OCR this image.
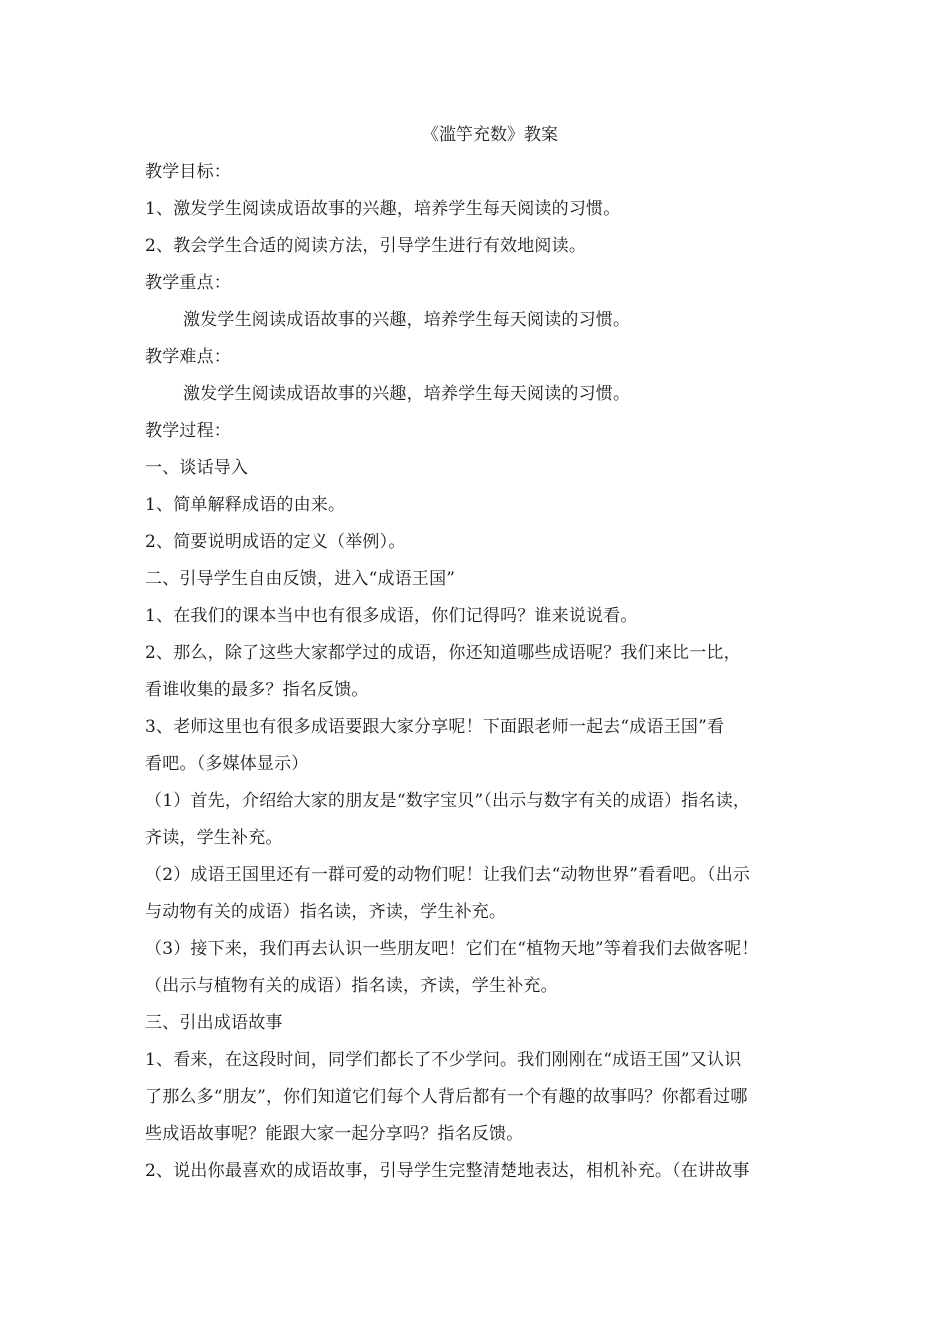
《滥竽充数》教案

教学目标：

1、激发学生阅读成语故事的兴趣，培养学生每天阅读的习惯。

2、教会学生合适的阅读方法，引导学生进行有效地阅读。

教学重点：

激发学生阅读成语故事的兴趣，培养学生每天阅读的习惯。

教学难点：

激发学生阅读成语故事的兴趣，培养学生每天阅读的习惯。

教学过程：

一、谈话导入

1、简单解释成语的由来。

2、简要说明成语的定义（举例）。

二、引导学生自由反馈，进入“成语王国”

1、在我们的课本当中也有很多成语，你们记得吗？谁来说说看。

2、那么，除了这些大家都学过的成语，你还知道哪些成语呢？我们来比一比，

看谁收集的最多？指名反馈。

3、老师这里也有很多成语要跟大家分享呢！下面跟老师一起去“成语王国”看

看吧。（多媒体显示）

（1）首先，介绍给大家的朋友是“数字宝贝”（出示与数字有关的成语）指名读，

齐读，学生补充。

（2）成语王国里还有一群可爱的动物们呢！让我们去“动物世界”看看吧。（出示

与动物有关的成语）指名读，齐读，学生补充。

（3）接下来，我们再去认识一些朋友吧！它们在“植物天地”等着我们去做客呢！

（出示与植物有关的成语）指名读，齐读，学生补充。

三、引出成语故事

1、看来，在这段时间，同学们都长了不少学问。我们刚刚在“成语王国”又认识

了那么多“朋友”，你们知道它们每个人背后都有一个有趣的故事吗？你都看过哪

些成语故事呢？能跟大家一起分享吗？指名反馈。

2、说出你最喜欢的成语故事，引导学生完整清楚地表达，相机补充。（在讲故事
